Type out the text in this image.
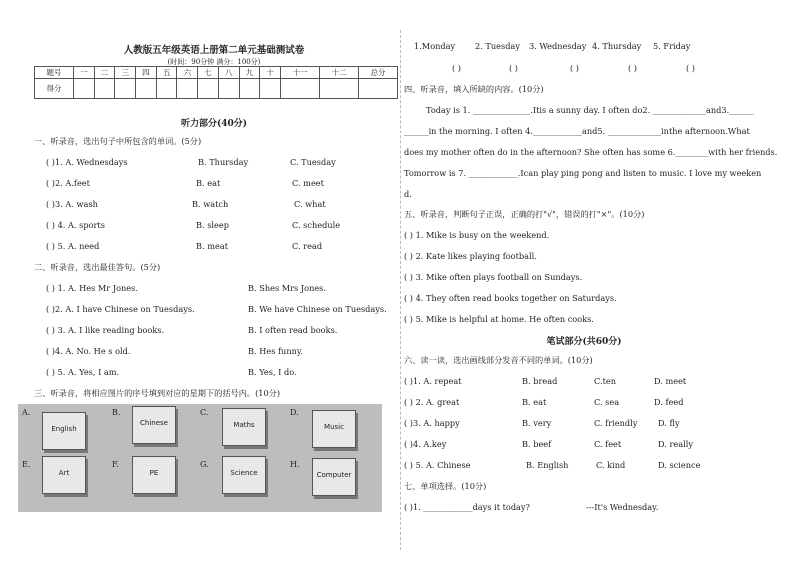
人教版五年级英语上册第二单元基础测试卷
(时间：90分钟 满分：100分)
题号	一	二	三	四	五	六	七	八	九	十	十一	十二	总分
得分													
听力部分(40分)
一、听录音，选出句子中所包含的单词。(5分)
( )1. A. Wednesdays	B. Thursday	C. Tuesday
( )2. A.feet	B. eat	C. meet
( )3. A. wash	B. watch	C. what
( ) 4. A. sports	B. sleep	C. schedule
( ) 5. A. need	B. meat	C. read
二、听录音，选出最佳答句。(5分)
( ) 1. A. Hes Mr Jones.	B. Shes Mrs Jones.
( )2. A. I have Chinese on Tuesdays.	B. We have Chinese on Tuesdays.
( ) 3. A. I like reading books.	B. I often read books.
( )4. A. No. He s old.	B. Hes funny.
( ) 5. A. Yes, I am.	B. Yes, I do.
三、听录音，将相应图片的序号填到对应的星期下的括号内。(10分)
A.
English
B.
Chinese
C.
Maths
D.
Music
E.
Art
F.
PE
G.
Science
H.
Computer
1.Monday 2. Tuesday 3. Wednesday 4. Thursday 5. Friday
( )	( )	( )	( )	( )
四、听录音，填入所缺的内容。(10分)
Today is 1. ______________.Itis a sunny day. I often do2. _____________and3.______
______in the morning. I often 4.____________and5. _____________inthe afternoon.What
does my mother often do in the afternoon? She often has some 6.________with her friends.
Tomorrow is 7. ____________.Ican play ping pong and listen to music. I love my weeken
d.
五、听录音，判断句子正误，正确的打"√"，错误的打"×"。(10分)
( ) 1. Mike is busy on the weekend.
( ) 2. Kate likes playing football.
( ) 3. Mike often plays football on Sundays.
( ) 4. They often read books together on Saturdays.
( ) 5. Mike is helpful at home. He often cooks.
笔试部分(共60分)
六、读一读，选出画线部分发音不同的单词。(10分)
( )1. A. repeat	B. bread	C.ten	D. meet
( ) 2. A. great	B. eat	C. sea	D. feed
( )3. A. happy	B. very	C. friendly	D. fly
( )4. A.key	B. beef	C. feet	D. really
( ) 5. A. Chinese	B. English	C. kind	D. science
七、单项选择。(10分)
( )1. ____________days it today?	---It's Wednesday.
